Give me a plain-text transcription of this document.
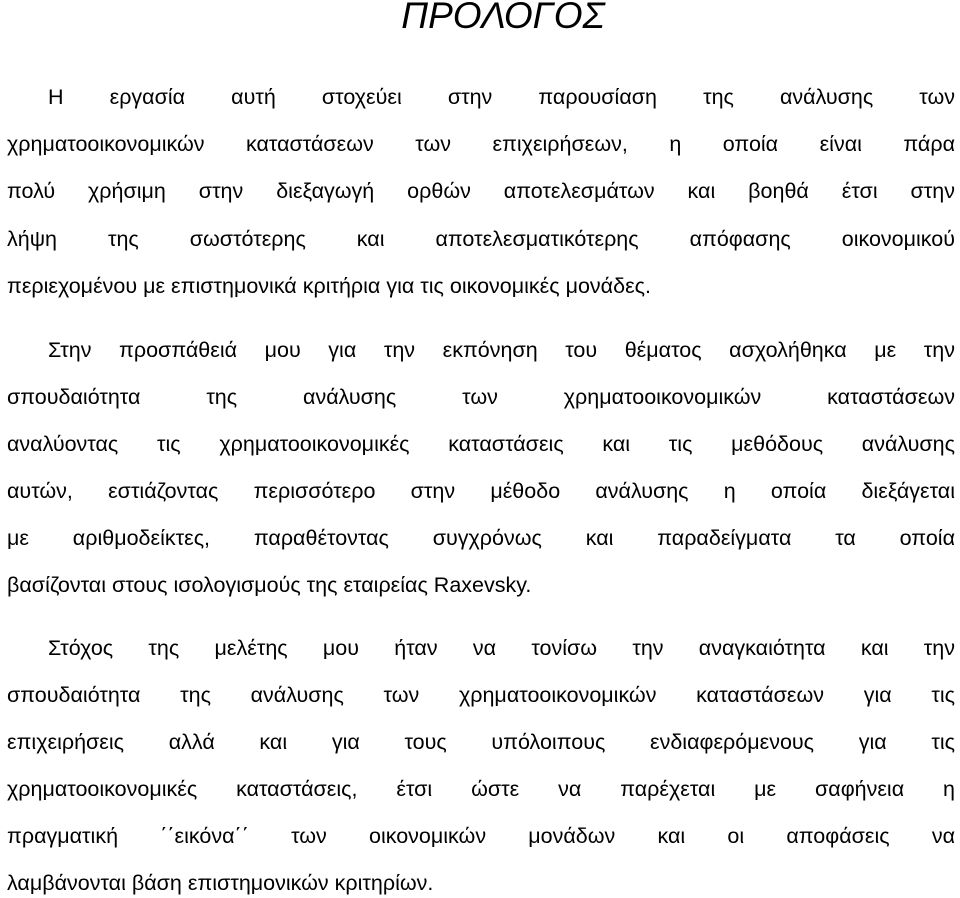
ΠΡΟΛΟΓΟΣ
Η εργασία αυτή στοχεύει στην παρουσίαση της ανάλυσης των
χρηματοοικονομικών καταστάσεων των επιχειρήσεων, η οποία είναι πάρα
πολύ χρήσιμη στην διεξαγωγή ορθών αποτελεσμάτων και βοηθά έτσι στην
λήψη της σωστότερης και αποτελεσματικότερης απόφασης οικονομικού
περιεχομένου με επιστημονικά κριτήρια για τις οικονομικές μονάδες.
Στην προσπάθειά μου για την εκπόνηση του θέματος ασχολήθηκα με την
σπουδαιότητα της ανάλυσης των χρηματοοικονομικών καταστάσεων
αναλύοντας τις χρηματοοικονομικές καταστάσεις και τις μεθόδους ανάλυσης
αυτών, εστιάζοντας περισσότερο στην μέθοδο ανάλυσης η οποία διεξάγεται
με αριθμοδείκτες, παραθέτοντας συγχρόνως και παραδείγματα τα οποία
βασίζονται στους ισολογισμούς της εταιρείας Raxevsky.
Στόχος της μελέτης μου ήταν να τονίσω την αναγκαιότητα και την
σπουδαιότητα της ανάλυσης των χρηματοοικονομικών καταστάσεων για τις
επιχειρήσεις αλλά και για τους υπόλοιπους ενδιαφερόμενους για τις
χρηματοοικονομικές καταστάσεις, έτσι ώστε να παρέχεται με σαφήνεια η
πραγματική ΄΄εικόνα΄΄ των οικονομικών μονάδων και οι αποφάσεις να
λαμβάνονται βάση επιστημονικών κριτηρίων.
